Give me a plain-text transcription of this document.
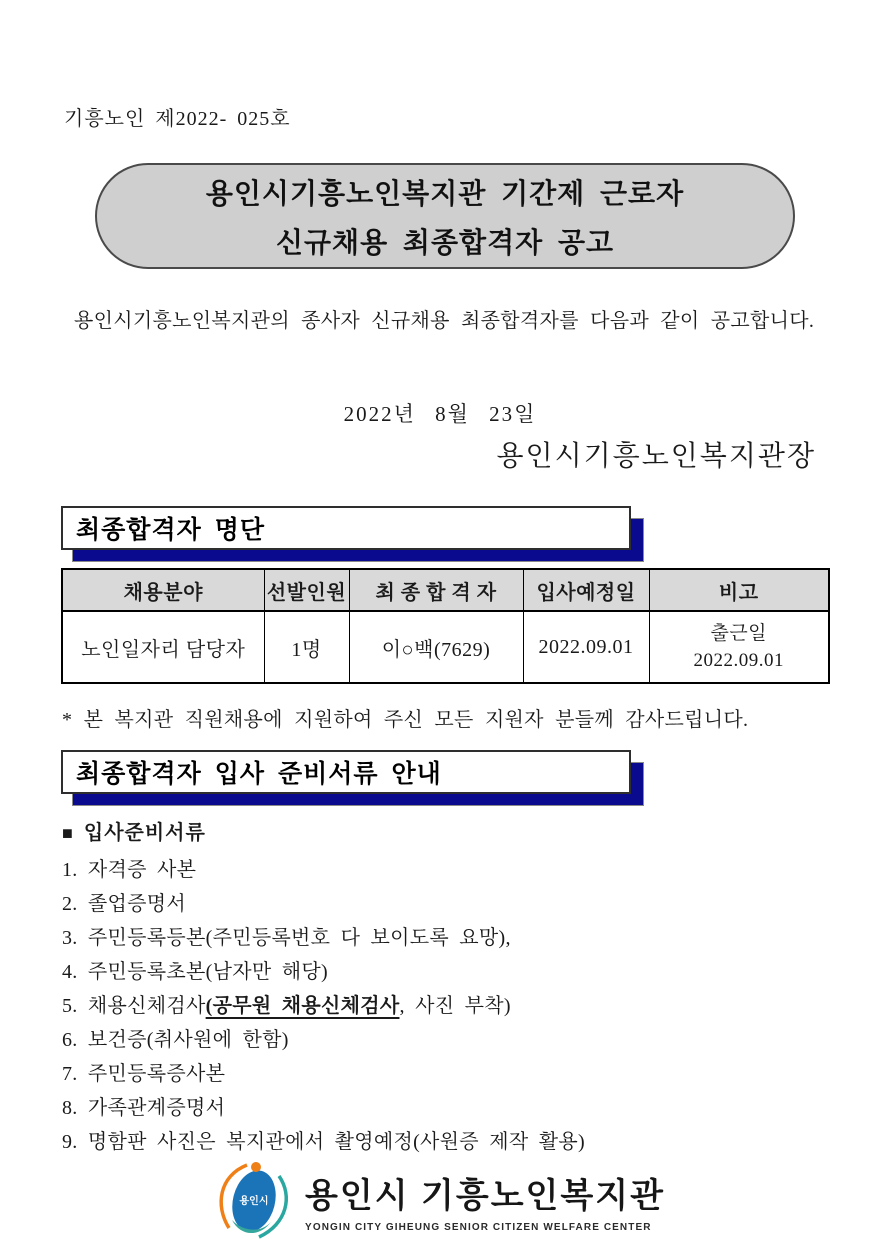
기흥노인 제2022- 025호
용인시기흥노인복지관 기간제 근로자
신규채용 최종합격자 공고

용인시기흥노인복지관의 종사자 신규채용 최종합격자를 다음과 같이 공고합니다.

2022년 8월 23일
용인시기흥노인복지관장
최종합격자 명단
채용분야	선발인원	최 종 합 격 자	입사예정일	비고
노인일자리 담당자	1명	이○백(7629)	2022.09.01	출근일
2022.09.01

* 본 복지관 직원채용에 지원하여 주신 모든 지원자 분들께 감사드립니다.

최종합격자 입사 준비서류 안내
■ 입사준비서류
1. 자격증 사본
2. 졸업증명서
3. 주민등록등본(주민등록번호 다 보이도록 요망),
4. 주민등록초본(남자만 해당)
5. 채용신체검사(공무원 채용신체검사, 사진 부착)
6. 보건증(취사원에 한함)
7. 주민등록증사본
8. 가족관계증명서
9. 명함판 사진은 복지관에서 촬영예정(사원증 제작 활용)
용인시 용인시 기흥노인복지관
YONGIN CITY GIHEUNG SENIOR CITIZEN WELFARE CENTER
